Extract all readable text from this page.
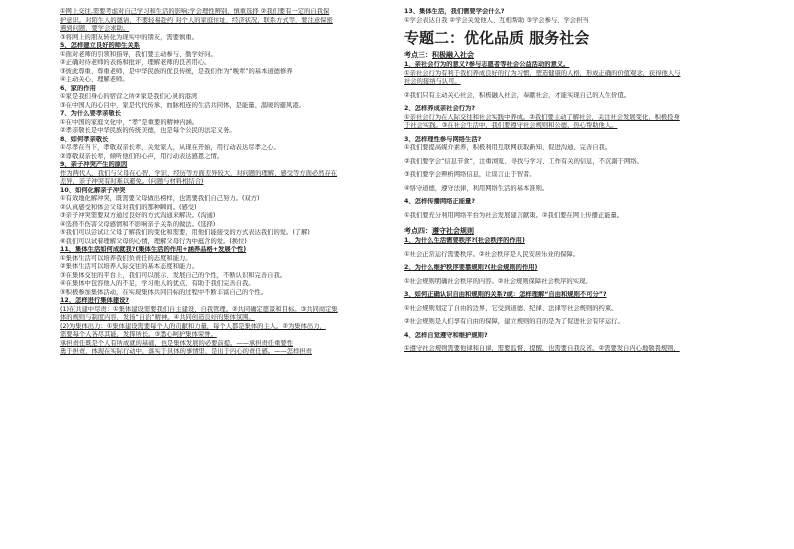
①网上交往,需要考虑对自己学习和生活的影响;学会理性辨别、慎重选择 ②我们要有一定的自我保
护意识。对陌生人的邀请，不要轻易赴约 对个人的家庭住址、经济状况、联系方式等，要注意保密
遇到问题，要学会求助。
③将网上的朋友转化为现实中的朋友，需要慎重。
5、怎样建立良好的师生关系
①面对老师的引领和指导，我们要主动参与、勤学好问。
②正确对待老师的表扬和批评，理解老师的良苦用心。
③彼此尊重、尊重老师，是中华民族的优良传统，是我们作为“晚辈”的基本道德修养
④主动关心、理解老师。
6、家的作用
①家是我们身心的宿营之所②家是我们心灵的港湾
③在中国人的心目中，家是代代传承、血脉相连的生活共同体，是能量、温暖的避风港。
7、为什么要孝亲敬长
①在中国的家庭文化中，“孝”是重要的精神内涵。
②孝亲敬长是中华民族的传统美德，也是每个公民的法定义务。
8、如何孝亲敬长
①尽孝在当下，孝敬双亲长辈，关爱家人，从现在开始，用行动表达尽孝之心。
②尊敬双亲长辈，倾听他们的心声，用行动表达感恩之情。
9、亲子冲突产生的原因
作为两代人，我们与父母在心智、学识、经历等方面差异较大，对问题的理解、感受等方面必然存在
差异，亲子冲突有时难以避免。(问题与材料相结合)
10、如何化解亲子冲突
①有效地化解冲突，既需要父母做出榜样，也需要我们自己努力。(双方)
②认真感受和体会父母对我们的那种瞬间。(感受)
③亲子冲突需要双方通过良好的方式沟通来解决。(沟通)
④选择不伤害父母感情和不影响亲子关系的做法。(选择)
⑤我们可以尝试让父母了解我们的变化和需要，用他们能接受的方式表达我们的爱。(了解)
⑥我们可以试着理解父母的心情，理解父母行为中蕴含的爱。(换位)
11、集体生活如何成就我?(集体生活的作用+涵养品格+发展个性)
①集体生活可以培养我们负责任的态度和能力。
②集体生活可以培养人际交往的基本态度和能力。
③在集体交往的平台上，我们可以展示、发展自己的个性，不断认识和完善自我。
④在集体中包容他人的不足，学习他人的优点，有助于我们完善自我。
⑤积极参加集体活动，在实现集体共同目标的过程中不断丰富自己的个性。
12、怎样进行集体建设?
(1)在共建中尽责：①集体建设需要我们自主建设、自我管理。②共同确定愿景和目标。③共同商定集
体的规则与制度内容，发扬“自治”精神。④共同创造良好的集体氛围。
(2)为集体出力：①集体建设需要每个人的贡献和力量，每个人都是集体的主人。②为集体出力，
需要每个人各尽其能，发挥所长。③悉心呵护集体荣誉。
承担责任既是个人有所成就的基础，也是集体发展的必要前提。——承担责任重要性
勇于担责，体现在实际行动中，落实于具体的事情里，是出于内心的责任感。——怎样担责
13、集体生活，我们需要学会什么?
①学会表达自我 ②学会关爱他人、互相帮助 ③学会参与、学会担当
专题二：优化品质 服务社会
考点三：积极融入社会
1、亲社会行为的意义?参与志愿者等社会公益活动的意义。
①亲社会行为有利于我们养成良好的行为习惯，塑造健康的人格，形成正确的价值观念，获得他人与
社会的接纳与认可。
②我们只有主动关心社会，积极融入社会，奉献社会，才能实现自己的人生价值。
2、怎样养成亲社会行为?
①亲社会行为在人际交往和社会实践中养成。②我们要主动了解社会，关注社会发展变化，积极投身
于社会实践。③在社会生活中，我们要遵守社会规则和公德，热心帮助他人。
3、怎样理性参与网络生活?
①我们要提高媒介素养，积极利用互联网获取新知、促进沟通、完善自我。
②我们要学会“信息节食”，注重浏览、寻找与学习、工作有关的信息，不沉溺于网络。
③我们要学会辨析网络信息，让谣言止于智者。
④恪守道德，遵守法律，利用网络生活的基本准则。
4、怎样传播网络正能量?
①我们要充分利用网络平台为社会发展建言献策。②我们要在网上传播正能量。
考点四：遵守社会规则
1、为什么生活需要秩序?(社会秩序的作用)
①社会正常运行需要秩序。②社会秩序是人民安居乐业的保障。
2、为什么维护秩序要靠规则?(社会规则的作用)
①社会规则明确社会秩序的内容。②社会规则保障社会秩序的实现。
3、如何正确认识自由和规则的关系?或：怎样理解“自由和规则不可分”?
①社会规则划定了自由的边界，它受到道德、纪律、法律等社会规则的约束。
②社会规则是人们享有自由的保障，建立规则的目的是为了促进社会有序运行。
4、怎样自觉遵守和维护规则?
①遵守社会规则需要他律和自律，需要监督、提醒，也需要自我反省。②需要发自内心地敬畏规则，
